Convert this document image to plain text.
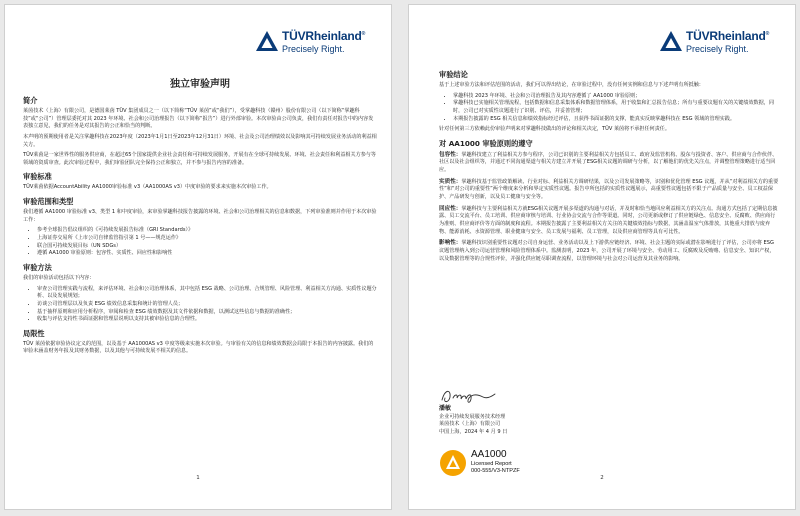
TÜVRheinland®
Precisely Right.
独立审验声明
简介

莱茵技术（上海）有限公司，是德国莱茵 TÜV 集团成员之一（以下简称“TÜV 莱茵”或“我们”），受掌趣科技（赣州）股份有限公司（以下简称“掌趣科技”或“公司”）管理层委托对其 2023 年环境、社会和公司治理报告（以下简称“报告”）进行外部审验。本次审验由公司负责，我们有责任对报告中的内容发表独立意见，我们的任务是对其报告的公正和恰当的判断。

本声明的预期使用者是关注掌趣科技在2023年度（2023年1月1日至2023年12月31日）环境、社会及公司治理绩效以及影响其可持续发展业务活动的利益相关方。

TÜV莱茵是一家世界性的服务供应商，在超过65个国家提供企业社会责任和可持续发展服务，开展有在全球可持续发展、环境、社会责任和利益相关方参与等领域的资质审查。此次审验过程中，我们审验团队完全保持公正和独立，并不参与报告内容的准备。

审验标准

TÜV莱茵依据AccountAbility AA1000审验标准 v3（AA1000AS v3）中度审验的要求来实施本次审验工作。

审验范围和类型

我们遵循 AA1000 审验标准 v3、类型 1 和中度审验，来审验掌趣科技报告披露的环境、社会和公司治理相关的信息和数据，下列审验准则并作用于本次审验工作：

• 参考全球报告倡议组织的《可持续发展报告标准（GRI Standards）》
• 上海证券交易所《上市公司自律监管指引第 1 号——规范运作》
• 联合国可持续发展目标（UN SDGs）
• 遵循 AA1000 审验原则：包容性、实质性、回应性和影响性
审验方法

我们的审验活动包括以下内容：

• 审查公司管理实践与流程，来评估环境、社会和公司治理体系，其中包括 ESG 战略、公司治理、合规管理、风险管理、利益相关方沟通、实质性议题分析、以及发展规划；
• 访谈公司管理层以及负责 ESG 绩效信息采集和统计的管理人员；
• 基于抽样原则和应用分析程序，审阅和检查 ESG 绩效数据及其文件依据和数据，以测试这些信息与数据的准确性；
• 收集与评估支持性书面证据和管理层说明以支持其被审验信息的合理性。
局限性

TÜV 莱茵依据审验协议定义的范围，以及基于 AA1000AS v3 中度等级来实施本次审验。与审验有关的信息和绩效数据会局限于本报告的内容披露。我们的审验未涵盖财务年报及其财务数据，以及其他与可持续发展不相关的信息。

1
TÜVRheinland®
Precisely Right.
审验结论

基于上述审验方法和评估范围的活动，我们可以得出结论，在审验过程中，没有任何实例和信息与下述声明有所抵触：

• 掌趣科技 2023 年环境、社会和公司治理报告及其内容遵循了 AA1000 审验原则；
• 掌趣科技已实施相关管理流程，包括数据和信息采集体系和数据管理体系，用于收集和汇总报告信息；所有与重要议题有关的关键绩效数据，同时，公司已对实质性议题进行了识别、评估，并妥善管理；
• 本期报告披露的 ESG 相关信息和绩效指标经过评估，且获得书面证据的支撑，能真实反映掌趣科技在 ESG 领域的管理实践。

针对任何第三方依赖此份审验声明来对掌趣科技做出的评论和相关决定，TÜV 莱茵将不承担任何责任。

对 AA1000 审验原则的遵守
包容性：掌趣科技建立了利益相关方参与程序，公司已识别的主要利益相关方包括员工、政府及监管机构、股东与投资者、客户、供应商与合作伙伴、社区以及社会组织等，并通过不同沟通渠道与相关方建立并开展了ESG相关议题的调研与分析，以了解他们的优先关注点，并调整管理策略进行适当回应。
实质性：掌趣科技基于监管政策解读、行业对标、利益相关方调研结果，以及公司发展策略等，识别和优化管理 ESG 议题，并从“对利益相关方的重要性”和“对公司的重要性”两个维度来分析和界定实质性议题。报告中所包括的实质性议题展示，高重要性议题包括不限于产品质量与安全、员工权益保护、产品研发与创新，以及员工健康与安全等。
回应性：掌趣科技与主要利益相关方就ESG相关议题开展多渠道的沟通与对话，并及时和恰当地回应利益相关方的关注点。沟通方式包括了定期信息披露、员工交流平台、员工培训、供应商审核与培训、行业协会交流与合作等渠道。同时，公司更新或修订了供应链绿色、信息安全、反腐败、供应商行为准则、供应商评价等方面的制度和流程。本期报告披露了主要利益相关方关注的关键绩效指标与数据，其涵盖温室气体排放，其他重大排放与废弃物、能源消耗、水资源管理、职业健康与安全、员工发展与福利、员工管理，以及供应商管理等具有可比性。
影响性：掌趣科技识别重要性议题对公司自身运营、业务活动以及上下游供应链经济、环境、社会主题的实际或潜在影响进行了评估，公司亦将 ESG 议题管理纳入到公司运营管理和风险管理体系中。监测表明，2023 年，公司开展了环境与安全、劳动用工、反腐败及反贿赂、信息安全、知识产权，以及数据管理等的合规性评价，并强化供应链尽职调查流程，以管理环境与社会对公司运营及其业务的影响。
潘敏

企业可持续发展服务技术经理

莱茵技术（上海）有限公司

中国上海，2024 年 4 月 9 日

AA1000
Licensed Report
000-555/V3-NTPZF
2
